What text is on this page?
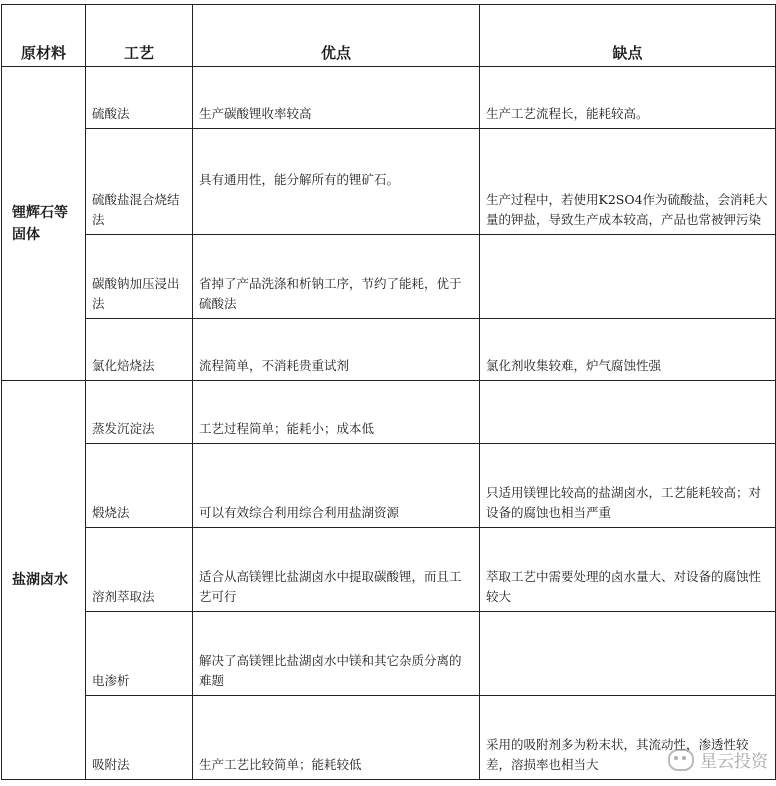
原材料	工艺	优点	缺点
锂辉石等固体	硫酸法	生产碳酸锂收率较高	生产工艺流程长，能耗较高。
	硫酸盐混合烧结法	具有通用性，能分解所有的锂矿石。	生产过程中，若使用K2SO4作为硫酸盐，会消耗大量的钾盐，导致生产成本较高，产品也常被钾污染
	碳酸钠加压浸出法	省掉了产品洗涤和析钠工序，节约了能耗，优于硫酸法	
	氯化焙烧法	流程简单，不消耗贵重试剂	氯化剂收集较难，炉气腐蚀性强
盐湖卤水	蒸发沉淀法	工艺过程简单；能耗小；成本低	
	煅烧法	可以有效综合利用综合利用盐湖资源	只适用镁锂比较高的盐湖卤水，工艺能耗较高；对设备的腐蚀也相当严重
	溶剂萃取法	适合从高镁锂比盐湖卤水中提取碳酸锂，而且工艺可行	萃取工艺中需要处理的卤水量大、对设备的腐蚀性较大
	电渗析	解决了高镁锂比盐湖卤水中镁和其它杂质分离的难题	
	吸附法	生产工艺比较简单；能耗较低	采用的吸附剂多为粉末状，其流动性，渗透性较差，溶损率也相当大	星云投资
